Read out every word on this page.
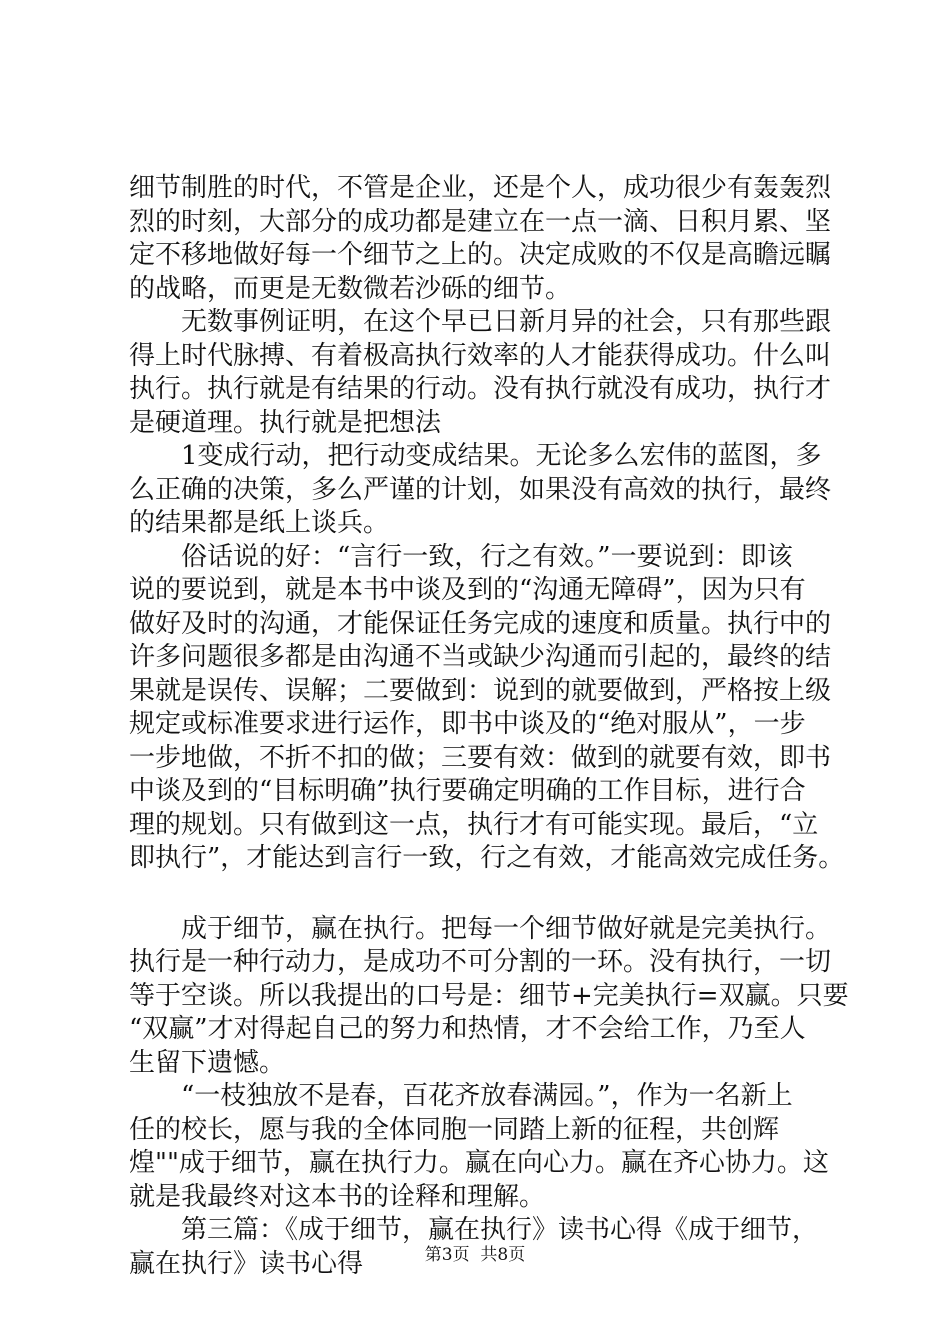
细节制胜的时代，不管是企业，还是个人，成功很少有轰轰烈
烈的时刻，大部分的成功都是建立在一点一滴、日积月累、坚
定不移地做好每一个细节之上的。决定成败的不仅是高瞻远瞩
的战略，而更是无数微若沙砾的细节。
无数事例证明，在这个早已日新月异的社会，只有那些跟
得上时代脉搏、有着极高执行效率的人才能获得成功。什么叫
执行。执行就是有结果的行动。没有执行就没有成功，执行才
是硬道理。执行就是把想法
1变成行动，把行动变成结果。无论多么宏伟的蓝图，多
么正确的决策，多么严谨的计划，如果没有高效的执行，最终
的结果都是纸上谈兵。
俗话说的好：“言行一致，行之有效。”一要说到：即该
说的要说到，就是本书中谈及到的“沟通无障碍”，因为只有
做好及时的沟通，才能保证任务完成的速度和质量。执行中的
许多问题很多都是由沟通不当或缺少沟通而引起的，最终的结
果就是误传、误解；二要做到：说到的就要做到，严格按上级
规定或标准要求进行运作，即书中谈及的“绝对服从”，一步
一步地做，不折不扣的做；三要有效：做到的就要有效，即书
中谈及到的“目标明确”执行要确定明确的工作目标，进行合
理的规划。只有做到这一点，执行才有可能实现。最后，“立
即执行”，才能达到言行一致，行之有效，才能高效完成任务。
成于细节，赢在执行。把每一个细节做好就是完美执行。
执行是一种行动力，是成功不可分割的一环。没有执行，一切
等于空谈。所以我提出的口号是：细节+完美执行=双赢。只要
“双赢”才对得起自己的努力和热情，才不会给工作，乃至人
生留下遗憾。
“一枝独放不是春，百花齐放春满园。”，作为一名新上
任的校长，愿与我的全体同胞一同踏上新的征程，共创辉
煌""成于细节，赢在执行力。赢在向心力。赢在齐心协力。这
就是我最终对这本书的诠释和理解。
第三篇：《成于细节，赢在执行》读书心得《成于细节，
赢在执行》读书心得	第3页 共8页
